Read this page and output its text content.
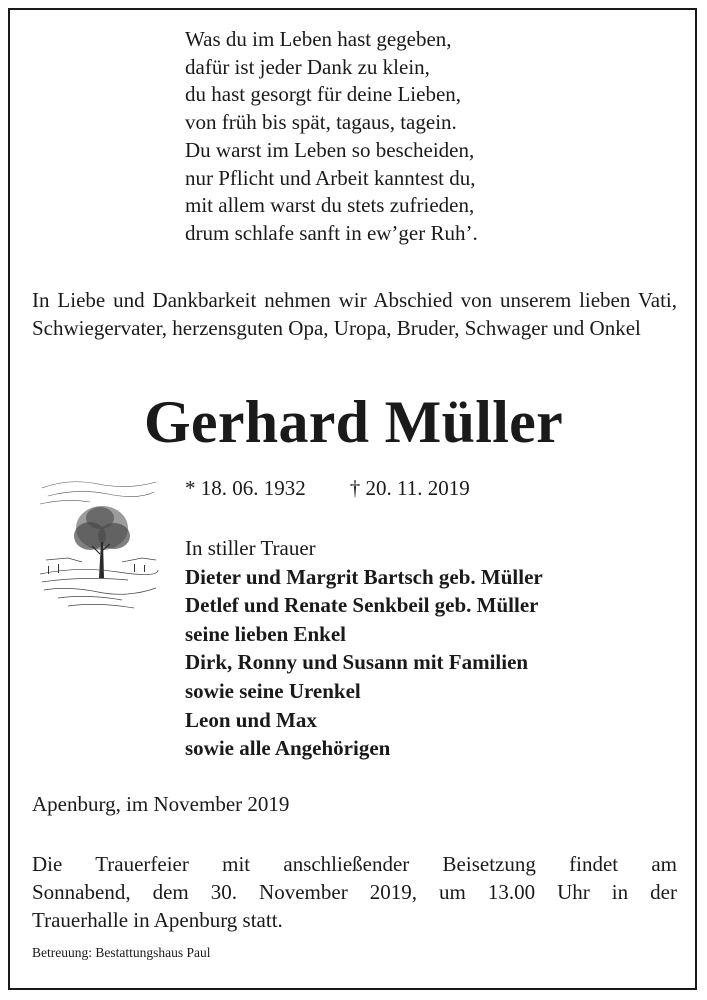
Was du im Leben hast gegeben,
dafür ist jeder Dank zu klein,
du hast gesorgt für deine Lieben,
von früh bis spät, tagaus, tagein.
Du warst im Leben so bescheiden,
nur Pflicht und Arbeit kanntest du,
mit allem warst du stets zufrieden,
drum schlafe sanft in ew’ger Ruh’.
In Liebe und Dankbarkeit nehmen wir Abschied von unserem lieben Vati, Schwiegervater, herzensguten Opa, Uropa, Bruder, Schwager und Onkel
Gerhard Müller
* 18. 06. 1932 † 20. 11. 2019
In stiller Trauer
Dieter und Margrit Bartsch geb. Müller
Detlef und Renate Senkbeil geb. Müller
seine lieben Enkel
Dirk, Ronny und Susann mit Familien
sowie seine Urenkel
Leon und Max
sowie alle Angehörigen
Apenburg, im November 2019
Die Trauerfeier mit anschließender Beisetzung findet am
Sonnabend, dem 30. November 2019, um 13.00 Uhr in der
Trauerhalle in Apenburg statt.
Betreuung: Bestattungshaus Paul
